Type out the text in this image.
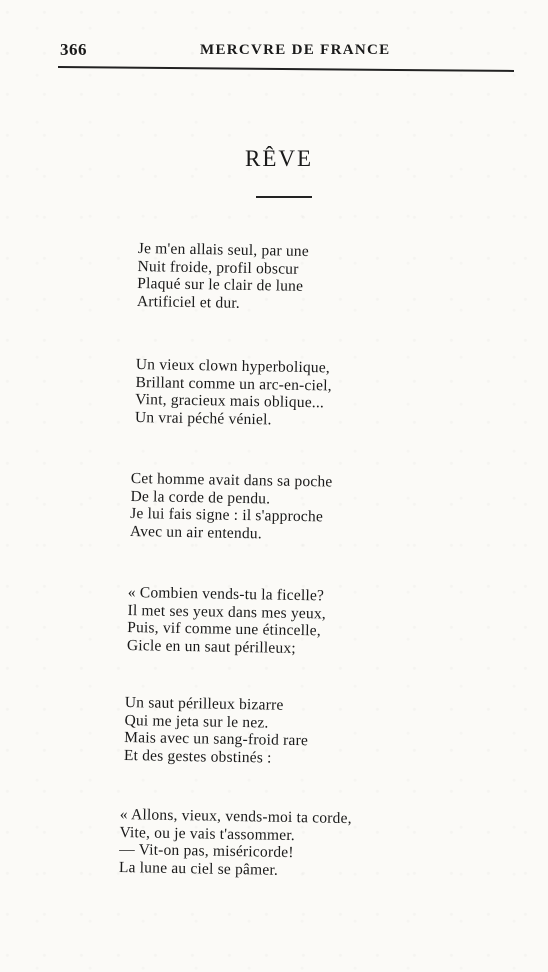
366	MERCVRE DE FRANCE
RÊVE
Je m'en allais seul, par une
Nuit froide, profil obscur
Plaqué sur le clair de lune
Artificiel et dur.
Un vieux clown hyperbolique,
Brillant comme un arc-en-ciel,
Vint, gracieux mais oblique...
Un vrai péché véniel.
Cet homme avait dans sa poche
De la corde de pendu.
Je lui fais signe : il s'approche
Avec un air entendu.
« Combien vends-tu la ficelle?
Il met ses yeux dans mes yeux,
Puis, vif comme une étincelle,
Gicle en un saut périlleux;
Un saut périlleux bizarre
Qui me jeta sur le nez.
Mais avec un sang-froid rare
Et des gestes obstinés :
« Allons, vieux, vends-moi ta corde,
Vite, ou je vais t'assommer.
— Vit-on pas, miséricorde!
La lune au ciel se pâmer.
